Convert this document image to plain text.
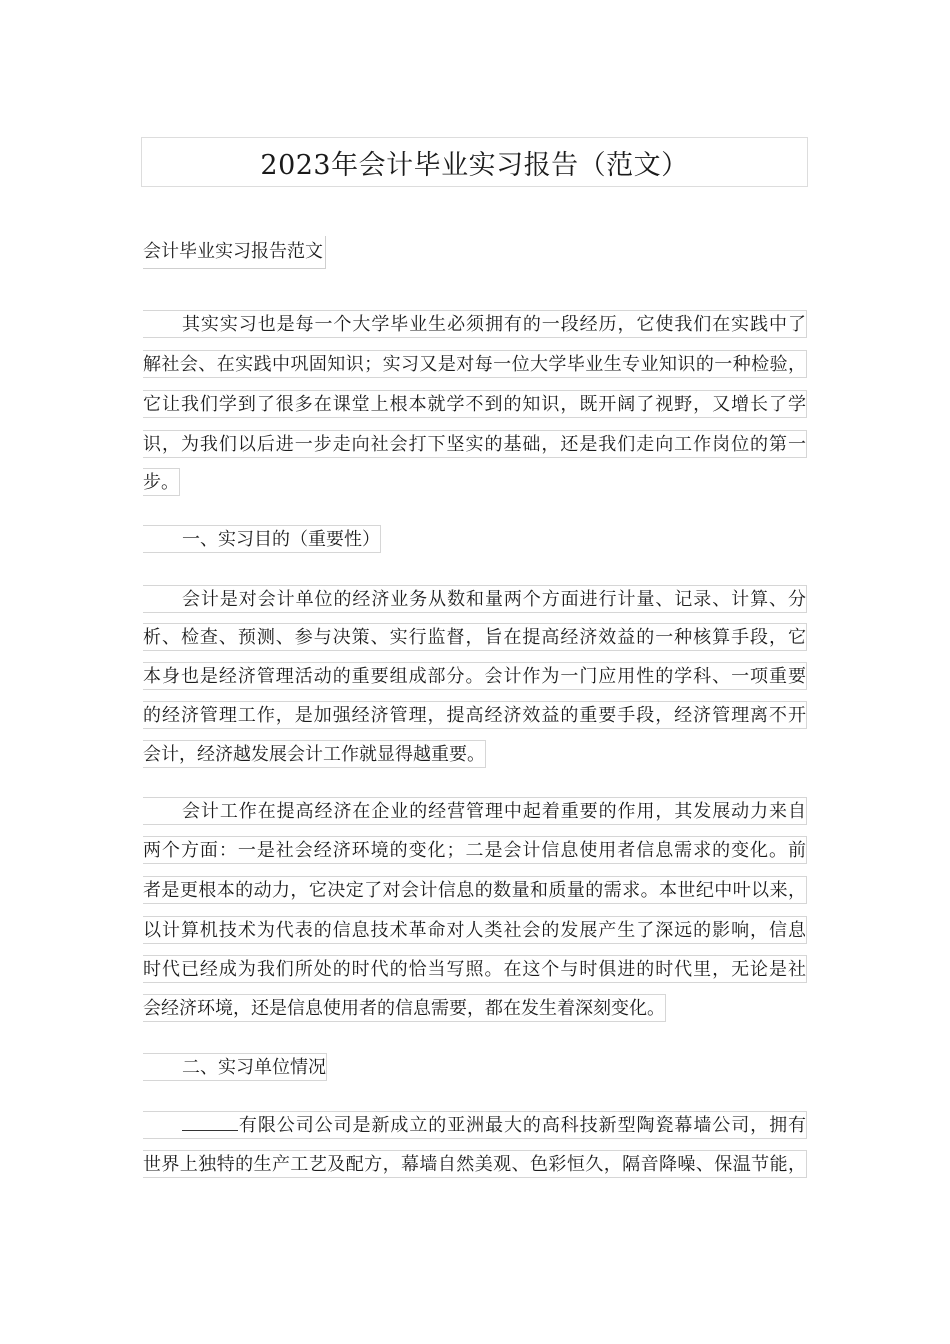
2023年会计毕业实习报告（范文）
会计毕业实习报告范文
其实实习也是每一个大学毕业生必须拥有的一段经历，它使我们在实践中了
解社会、在实践中巩固知识；实习又是对每一位大学毕业生专业知识的一种检验，
它让我们学到了很多在课堂上根本就学不到的知识，既开阔了视野，又增长了学
识，为我们以后进一步走向社会打下坚实的基础，还是我们走向工作岗位的第一
步。
一、实习目的（重要性）
会计是对会计单位的经济业务从数和量两个方面进行计量、记录、计算、分
析、检查、预测、参与决策、实行监督，旨在提高经济效益的一种核算手段，它
本身也是经济管理活动的重要组成部分。会计作为一门应用性的学科、一项重要
的经济管理工作，是加强经济管理，提高经济效益的重要手段，经济管理离不开
会计，经济越发展会计工作就显得越重要。
会计工作在提高经济在企业的经营管理中起着重要的作用，其发展动力来自
两个方面：一是社会经济环境的变化；二是会计信息使用者信息需求的变化。前
者是更根本的动力，它决定了对会计信息的数量和质量的需求。本世纪中叶以来，
以计算机技术为代表的信息技术革命对人类社会的发展产生了深远的影响，信息
时代已经成为我们所处的时代的恰当写照。在这个与时俱进的时代里，无论是社
会经济环境，还是信息使用者的信息需要，都在发生着深刻变化。
二、实习单位情况
有限公司公司是新成立的亚洲最大的高科技新型陶瓷幕墙公司，拥有
世界上独特的生产工艺及配方，幕墙自然美观、色彩恒久，隔音降噪、保温节能，
